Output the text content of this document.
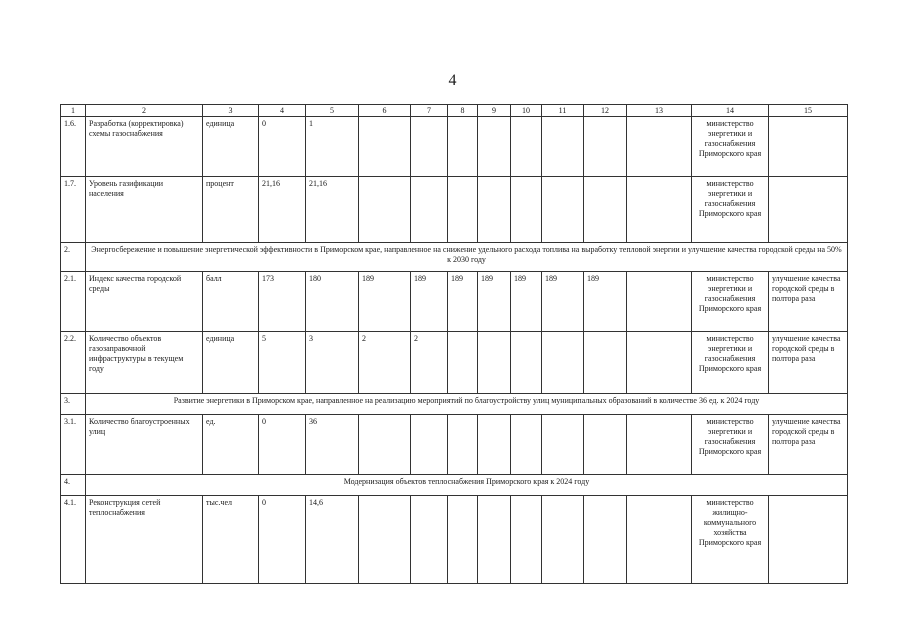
4
1	2	3	4	5	6	7	8	9	10	11	12	13	14	15
1.6.	Разработка (корректировка) схемы газоснабжения	единица	0	1									министерство энергетики и газоснабжения Приморского края	
1.7.	Уровень газификации населения	процент	21,16	21,16									министерство энергетики и газоснабжения Приморского края	
2.	Энергосбережение и повышение энергетической эффективности в Приморском крае, направленное на снижение удельного расхода топлива на выработку тепловой энергии и улучшение качества городской среды на 50% к 2030 году													
2.1.	Индекс качества городской среды	балл	173	180	189	189	189	189	189	189	189		министерство энергетики и газоснабжения Приморского края	улучшение качества городской среды в полтора раза
2.2.	Количество объектов газозаправочной инфраструктуры в текущем году	единица	5	3	2	2							министерство энергетики и газоснабжения Приморского края	улучшение качества городской среды в полтора раза
3.	Развитие энергетики в Приморском крае, направленное на реализацию мероприятий по благоустройству улиц муниципальных образований в количестве 36 ед. к 2024 году													
3.1.	Количество благоустроенных улиц	ед.	0	36									министерство энергетики и газоснабжения Приморского края	улучшение качества городской среды в полтора раза
4.	Модернизация объектов теплоснабжения Приморского края к 2024 году													
4.1.	Реконструкция сетей теплоснабжения	тыс.чел	0	14,6									министерство жилищно-коммунального хозяйства Приморского края	
